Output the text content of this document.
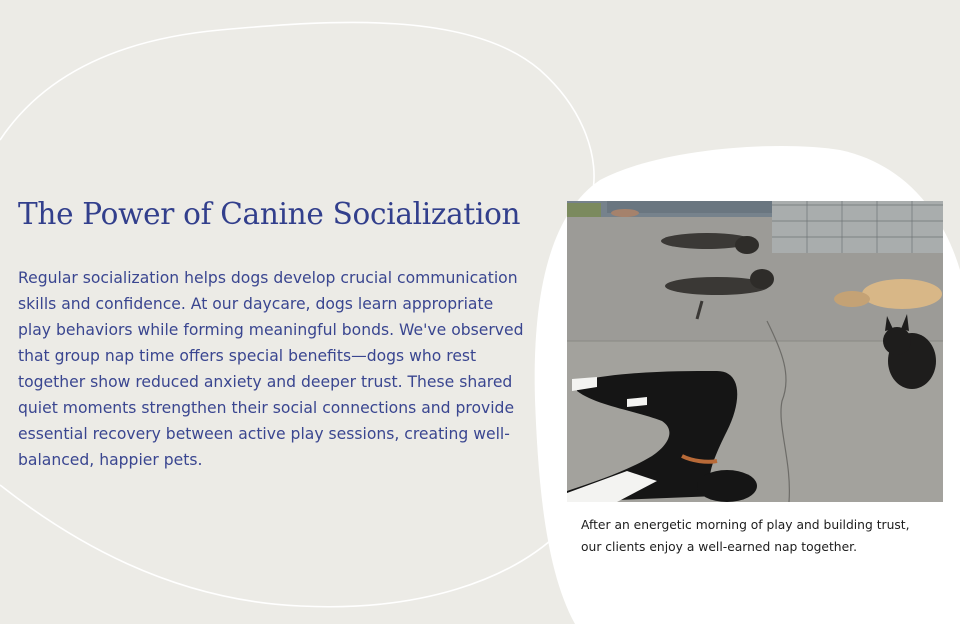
The Power of Canine Socialization

Regular socialization helps dogs develop crucial communication skills and confidence. At our daycare, dogs learn appropriate play behaviors while forming meaningful bonds. We've observed that group nap time offers special benefits—dogs who rest together show reduced anxiety and deeper trust. These shared quiet moments strengthen their social connections and provide essential recovery between active play sessions, creating well-balanced, happier pets.

After an energetic morning of play and building trust, our clients enjoy a well-earned nap together.
